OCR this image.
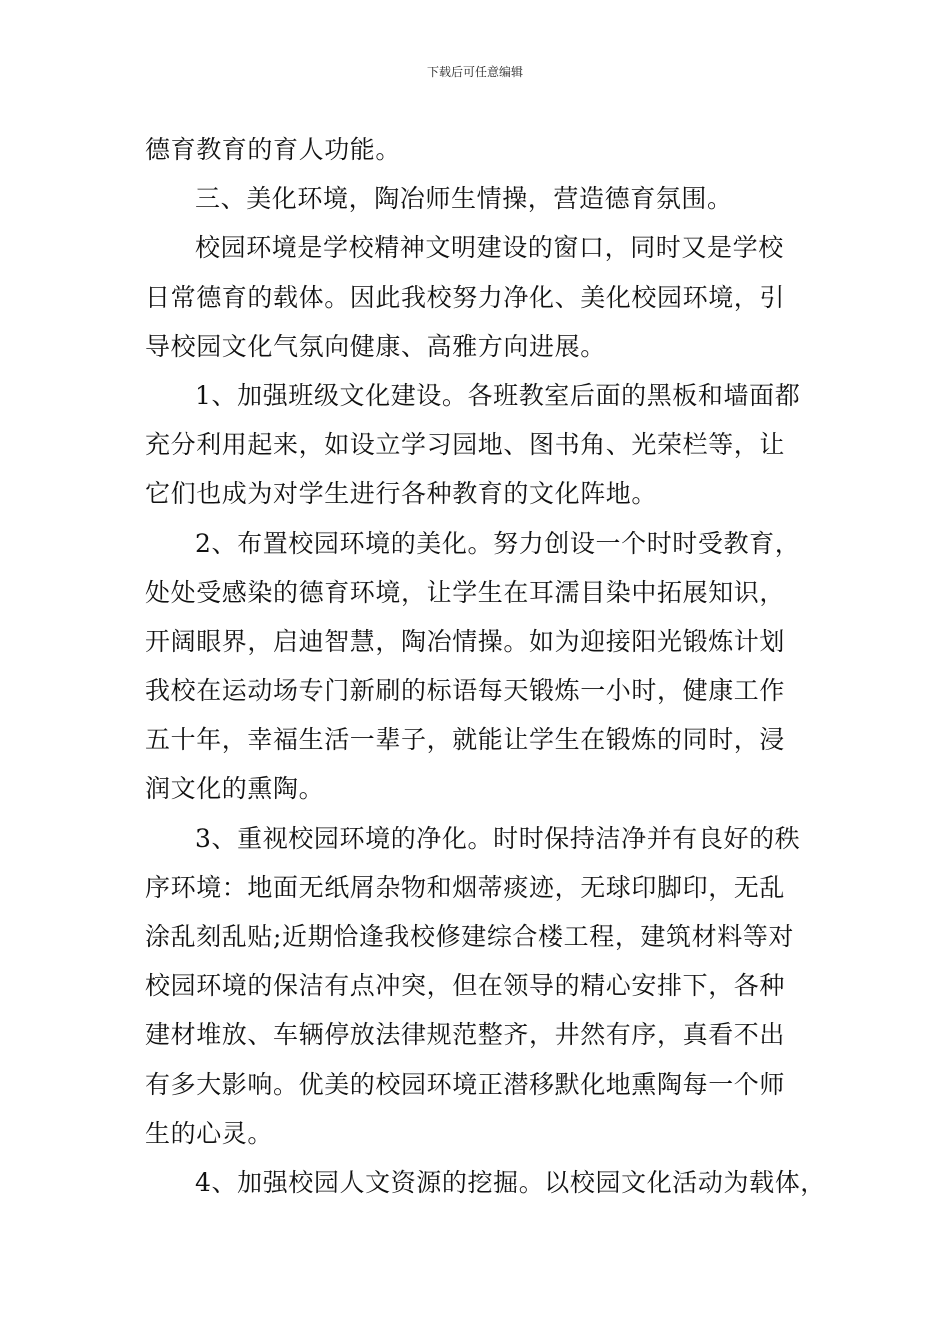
下载后可任意编辑
德育教育的育人功能。
三、美化环境，陶冶师生情操，营造德育氛围。
校园环境是学校精神文明建设的窗口，同时又是学校
日常德育的载体。因此我校努力净化、美化校园环境，引
导校园文化气氛向健康、高雅方向进展。
1、加强班级文化建设。各班教室后面的黑板和墙面都
充分利用起来，如设立学习园地、图书角、光荣栏等，让
它们也成为对学生进行各种教育的文化阵地。
2、布置校园环境的美化。努力创设一个时时受教育，
处处受感染的德育环境，让学生在耳濡目染中拓展知识，
开阔眼界，启迪智慧，陶冶情操。如为迎接阳光锻炼计划
我校在运动场专门新刷的标语每天锻炼一小时，健康工作
五十年，幸福生活一辈子，就能让学生在锻炼的同时，浸
润文化的熏陶。
3、重视校园环境的净化。时时保持洁净并有良好的秩
序环境：地面无纸屑杂物和烟蒂痰迹，无球印脚印，无乱
涂乱刻乱贴;近期恰逢我校修建综合楼工程，建筑材料等对
校园环境的保洁有点冲突，但在领导的精心安排下，各种
建材堆放、车辆停放法律规范整齐，井然有序，真看不出
有多大影响。优美的校园环境正潜移默化地熏陶每一个师
生的心灵。
4、加强校园人文资源的挖掘。以校园文化活动为载体，
